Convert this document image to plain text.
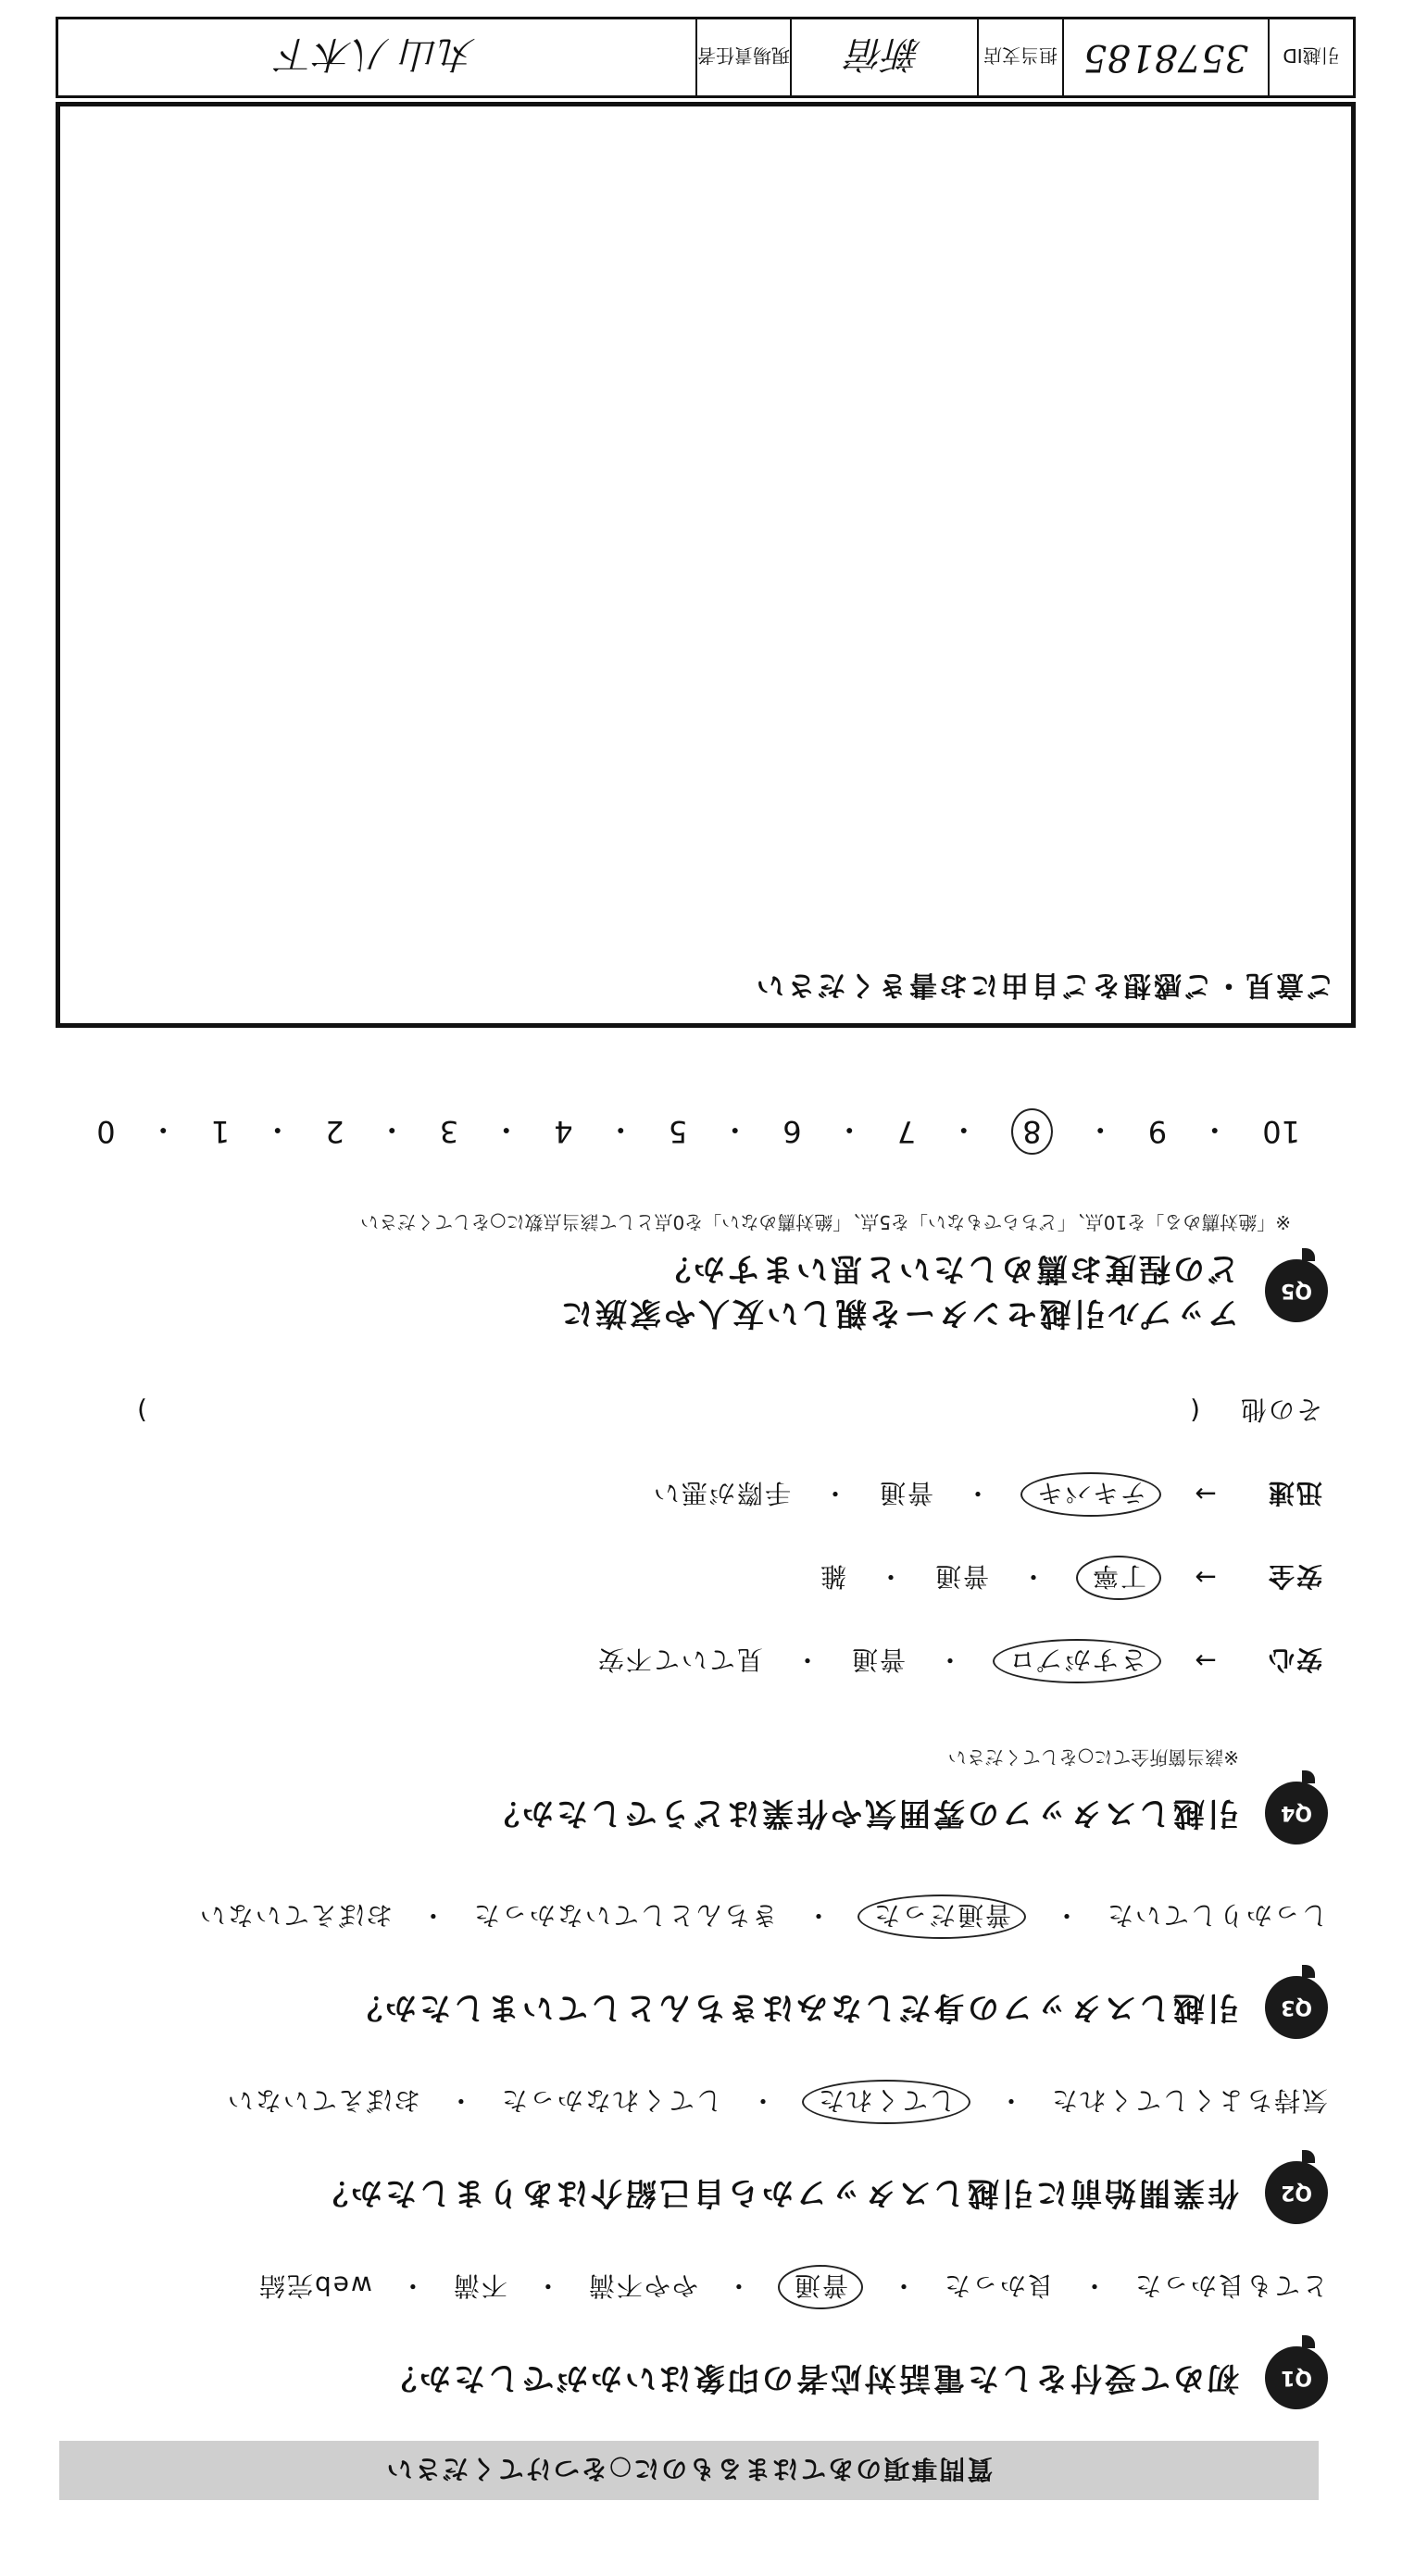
質問事項のあてはまるものに○をつけてください
Q1
初めて受付をした電話対応者の印象はいかがでしたか？
とても良かった
・
良かった
・
普通
・
やや不満
・
不満
・
web完結
Q2
作業開始前に引越しスタッフから自己紹介はありましたか？
気持ちよくしてくれた
・
してくれた
・
してくれなかった
・
おぼえていない
Q3
引越しスタッフの身だしなみはきちんとしていましたか？
しっかりしていた
・
普通だった
・
きちんとしていなかった
・
おぼえていない
Q4
引越しスタッフの雰囲気や作業はどうでしたか？
※該当箇所全てに○をしてください
安心
→
さすがプロ
・
普通
・
見ていて不安
安全
→
丁寧
・
普通
・
雑
迅速
→
テキパキ
・
普通
・
手際が悪い
その他
(
)
Q5
アップル引越センターを親しい友人や家族に
どの程度お薦めしたいと思いますか？
※「絶対薦める」を10点、「どちらでもない」を5点、「絶対薦めない」を0点として該当点数に○をしてください
10
・
9
・
8
・
7
・
6
・
5
・
4
・
3
・
2
・
1
・
0
ご意見・ご感想をご自由にお書きください
引越ID
3578185
担当支店
新宿
現場責任者
丸山 八木下
